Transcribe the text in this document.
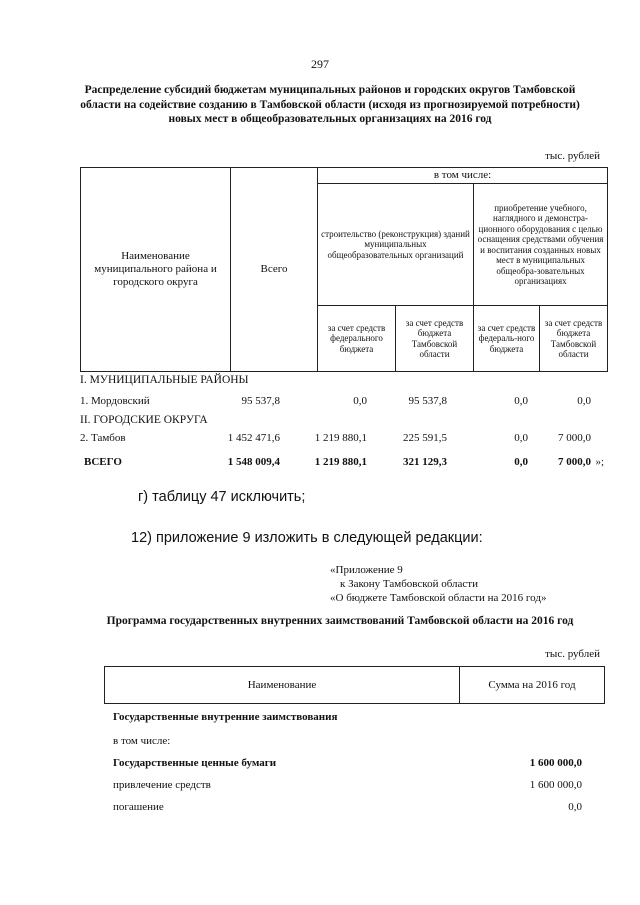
297
Распределение субсидий бюджетам муниципальных районов и городских округов Тамбовской области на содействие созданию в Тамбовской области (исходя из прогнозируемой потребности) новых мест в общеобразовательных организациях на 2016 год
тыс. рублей
Наименование муниципального района и городского округа	Всего	в том числе:			
		строительство (реконструкция) зданий муниципальных общеобразовательных организаций		приобретение учебного, наглядного и демонстра-ционного оборудования с целью оснащения средствами обучения и воспитания созданных новых мест в муниципальных общеобра-зовательных организациях	
		за счет средств федерального бюджета	за счет средств бюджета Тамбовской области	за счет средств федераль-ного бюджета	за счет средств бюджета Тамбовской области
I. МУНИЦИПАЛЬНЫЕ РАЙОНЫ
1. Мордовский	95 537,8	0,0	95 537,8	0,0	0,0
II. ГОРОДСКИЕ ОКРУГА
2. Тамбов	1 452 471,6	1 219 880,1	225 591,5	0,0	7 000,0
ВСЕГО	1 548 009,4	1 219 880,1	321 129,3	0,0	7 000,0 »;
г) таблицу 47 исключить;
12) приложение 9 изложить в следующей редакции:
«Приложение 9
к Закону Тамбовской области
«О бюджете Тамбовской области на 2016 год»
Программа государственных внутренних заимствований Тамбовской области на 2016 год
тыс. рублей
Наименование	Сумма на 2016 год
Государственные внутренние заимствования
в том числе:
Государственные ценные бумаги	1 600 000,0
привлечение средств	1 600 000,0
погашение	0,0
